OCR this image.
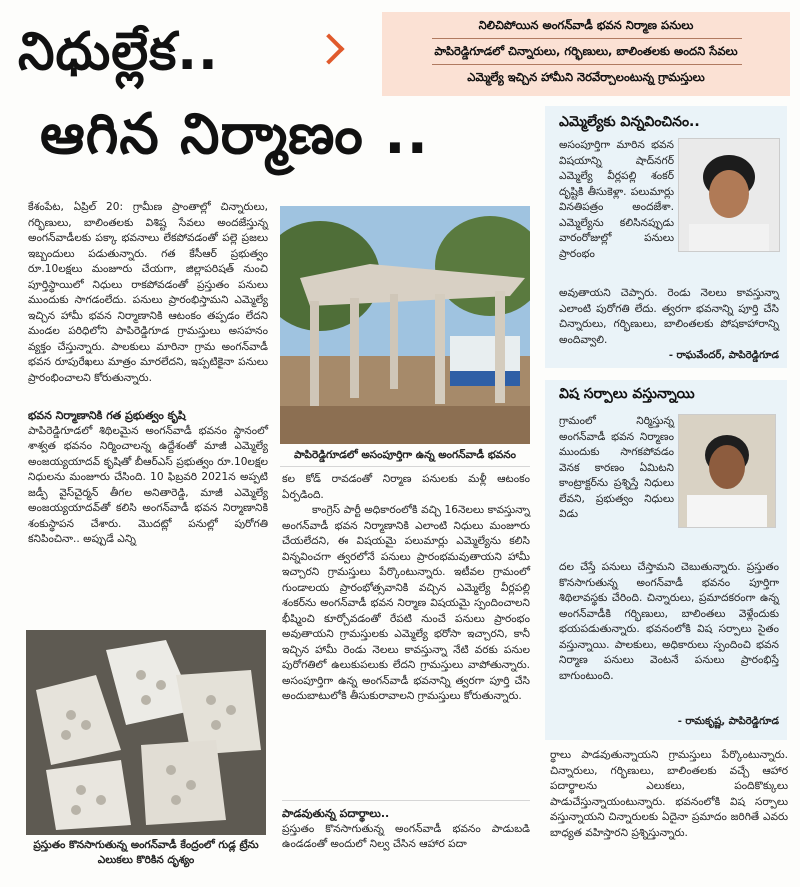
నిధుల్లేక..
ఆగిన నిర్మాణం ..
నిలిచిపోయిన అంగన్‌వాడీ భవన నిర్మాణ పనులు
పాపిరెడ్డిగూడలో చిన్నారులు, గర్భిణులు, బాలింతలకు అందని సేవలు
ఎమ్మెల్యే ఇచ్చిన హామీని నెరవేర్చాలంటున్న గ్రామస్తులు

కేశంపేట, ఏప్రిల్‌ 20: గ్రామీణ ప్రాంతాల్లో చిన్నారులు, గర్భిణులు, బాలింతలకు విశిష్ట సేవలు అందజేస్తున్న అంగన్‌వాడీలకు పక్కా భవనాలు లేకపోవడంతో పల్లె ప్రజలు ఇబ్బందులు పడుతున్నారు. గత కేసీఆర్‌ ప్రభుత్వం రూ.10లక్షలు మంజూరు చేయగా, జిల్లాపరిషత్‌ నుంచి పూర్తిస్థాయిలో నిధులు రాకపోవడంతో ప్రస్తుతం పనులు ముందుకు సాగడంలేదు. పనులు ప్రారంభిస్తామని ఎమ్మెల్యే ఇచ్చిన హామీ భవన నిర్మాణానికి ఆటంకం తప్పడం లేదని మండల పరిధిలోని పాపిరెడ్డిగూడ గ్రామస్తులు అసహనం వ్యక్తం చేస్తున్నారు. పాలకులు మారినా గ్రామ అంగన్‌వాడీ భవన రూపురేఖలు మాత్రం మారలేదని, ఇప్పటికైనా పనులు ప్రారంభించాలని కోరుతున్నారు.

భవన నిర్మాణానికి గత ప్రభుత్వం కృషి

పాపిరెడ్డిగూడలో శిథిలమైన అంగన్‌వాడీ భవనం స్థానంలో శాశ్వత భవనం నిర్మించాలన్న ఉద్దేశంతో మాజీ ఎమ్మెల్యే అంజయ్యయాదవ్‌ కృషితో బీఆర్‌ఎస్‌ ప్రభుత్వం రూ.10లక్షల నిధులను మంజూరు చేసింది. 10 ఫిబ్రవరి 2021న అప్పటి జడ్పీ వైస్‌చైర్మన్‌ తీగల అనితారెడ్డి, మాజీ ఎమ్మెల్యే అంజయ్యయాదవ్‌తో కలిసి అంగన్‌వాడీ భవన నిర్మాణానికి శంకుస్థాపన చేశారు. మొదట్లో పనుల్లో పురోగతి కనిపించినా.. అప్పుడే ఎన్ని

ప్రస్తుతం కొనసాగుతున్న అంగన్‌వాడీ కేంద్రంలో గుడ్ల ట్రేను ఎలుకలు కొరికిన దృశ్యం
పాపిరెడ్డిగూడలో అసంపూర్తిగా ఉన్న అంగన్‌వాడీ భవనం

కల కోడ్‌ రావడంతో నిర్మాణ పనులకు మళ్లీ ఆటంకం ఏర్పడింది.

కాంగ్రెస్‌ పార్టీ అధికారంలోకి వచ్చి 16నెలలు కావస్తున్నా అంగన్‌వాడీ భవన నిర్మాణానికి ఎలాంటి నిధులు మంజూరు చేయలేదని, ఈ విషయమై పలుమార్లు ఎమ్మెల్యేను కలిసి విన్నవించగా త్వరలోనే పనులు ప్రారంభమవుతాయని హామీ ఇచ్చారని గ్రామస్తులు పేర్కొంటున్నారు. ఇటీవల గ్రామంలో గుండాలయ ప్రారంభోత్సవానికి వచ్చిన ఎమ్మెల్యే వీర్లపల్లి శంకర్‌ను అంగన్‌వాడీ భవన నిర్మాణ విషయమై స్పందించాలని భీష్మించి కూర్చోవడంతో రేపటి నుంచే పనులు ప్రారంభం అవుతాయని గ్రామస్తులకు ఎమ్మెల్యే భరోసా ఇచ్చారని, కానీ ఇచ్చిన హామీ రెండు నెలలు కావస్తున్నా నేటి వరకు పనుల పురోగతిలో ఉలుకుపలుకు లేదని గ్రామస్తులు వాపోతున్నారు. అసంపూర్తిగా ఉన్న అంగన్‌వాడీ భవనాన్ని త్వరగా పూర్తి చేసి అందుబాటులోకి తీసుకురావాలని గ్రామస్తులు కోరుతున్నారు.

పాడవుతున్న పదార్థాలు..

ప్రస్తుతం కొనసాగుతున్న అంగన్‌వాడీ భవనం పాడుబడి ఉండడంతో అందులో నిల్వ చేసిన ఆహార పదా

ఎమ్మెల్యేకు విన్నవించినం..
అసంపూర్తిగా మారిన భవన విషయాన్ని షాద్‌నగర్‌ ఎమ్మెల్యే వీర్లపల్లి శంకర్‌ దృష్టికి తీసుకెళ్లా. పలుమార్లు వినతిపత్రం అందజేశా. ఎమ్మెల్యేను కలిసినప్పుడు వారంరోజుల్లో పనులు ప్రారంభం
అవుతాయని చెప్పారు. రెండు నెలలు కావస్తున్నా ఎలాంటి పురోగతి లేదు. త్వరగా భవనాన్ని పూర్తి చేసి చిన్నారులు, గర్భిణులు, బాలింతలకు పోషకాహారాన్ని అందివ్వాలి.
- రాఘవేందర్‌, పాపిరెడ్డిగూడ
విష సర్పాలు వస్తున్నాయి
గ్రామంలో నిర్మిస్తున్న అంగన్‌వాడీ భవన నిర్మాణం ముందుకు సాగకపోవడం వెనక కారణం ఏమిటని కాంట్రాక్టర్‌ను ప్రశ్నిస్తే నిధులు లేవని, ప్రభుత్వం నిధులు విడు
దల చేస్తే పనులు చేస్తామని చెబుతున్నారు. ప్రస్తుతం కొనసాగుతున్న అంగన్‌వాడీ భవనం పూర్తిగా శిథిలావస్థకు చేరింది. చిన్నారులు, ప్రమాదకరంగా ఉన్న అంగన్‌వాడీకి గర్భిణులు, బాలింతలు వెళ్లేందుకు భయపడుతున్నారు. భవనంలోకి విష సర్పాలు సైతం వస్తున్నాయి. పాలకులు, అధికారులు స్పందించి భవన నిర్మాణ పనులు వెంటనే పనులు ప్రారంభిస్తే బాగుంటుంది.
- రామకృష్ణ, పాపిరెడ్డిగూడ
ర్థాలు పాడవుతున్నాయని గ్రామస్తులు పేర్కొంటున్నారు. చిన్నారులు, గర్భిణులు, బాలింతలకు వచ్చే ఆహార పదార్థాలను ఎలుకలు, పందికొక్కులు పాడుచేస్తున్నాయంటున్నారు. భవనంలోకి విష సర్పాలు వస్తున్నాయని చిన్నారులకు ఏదైనా ప్రమాదం జరిగితే ఎవరు బాధ్యత వహిస్తారని ప్రశ్నిస్తున్నారు.
